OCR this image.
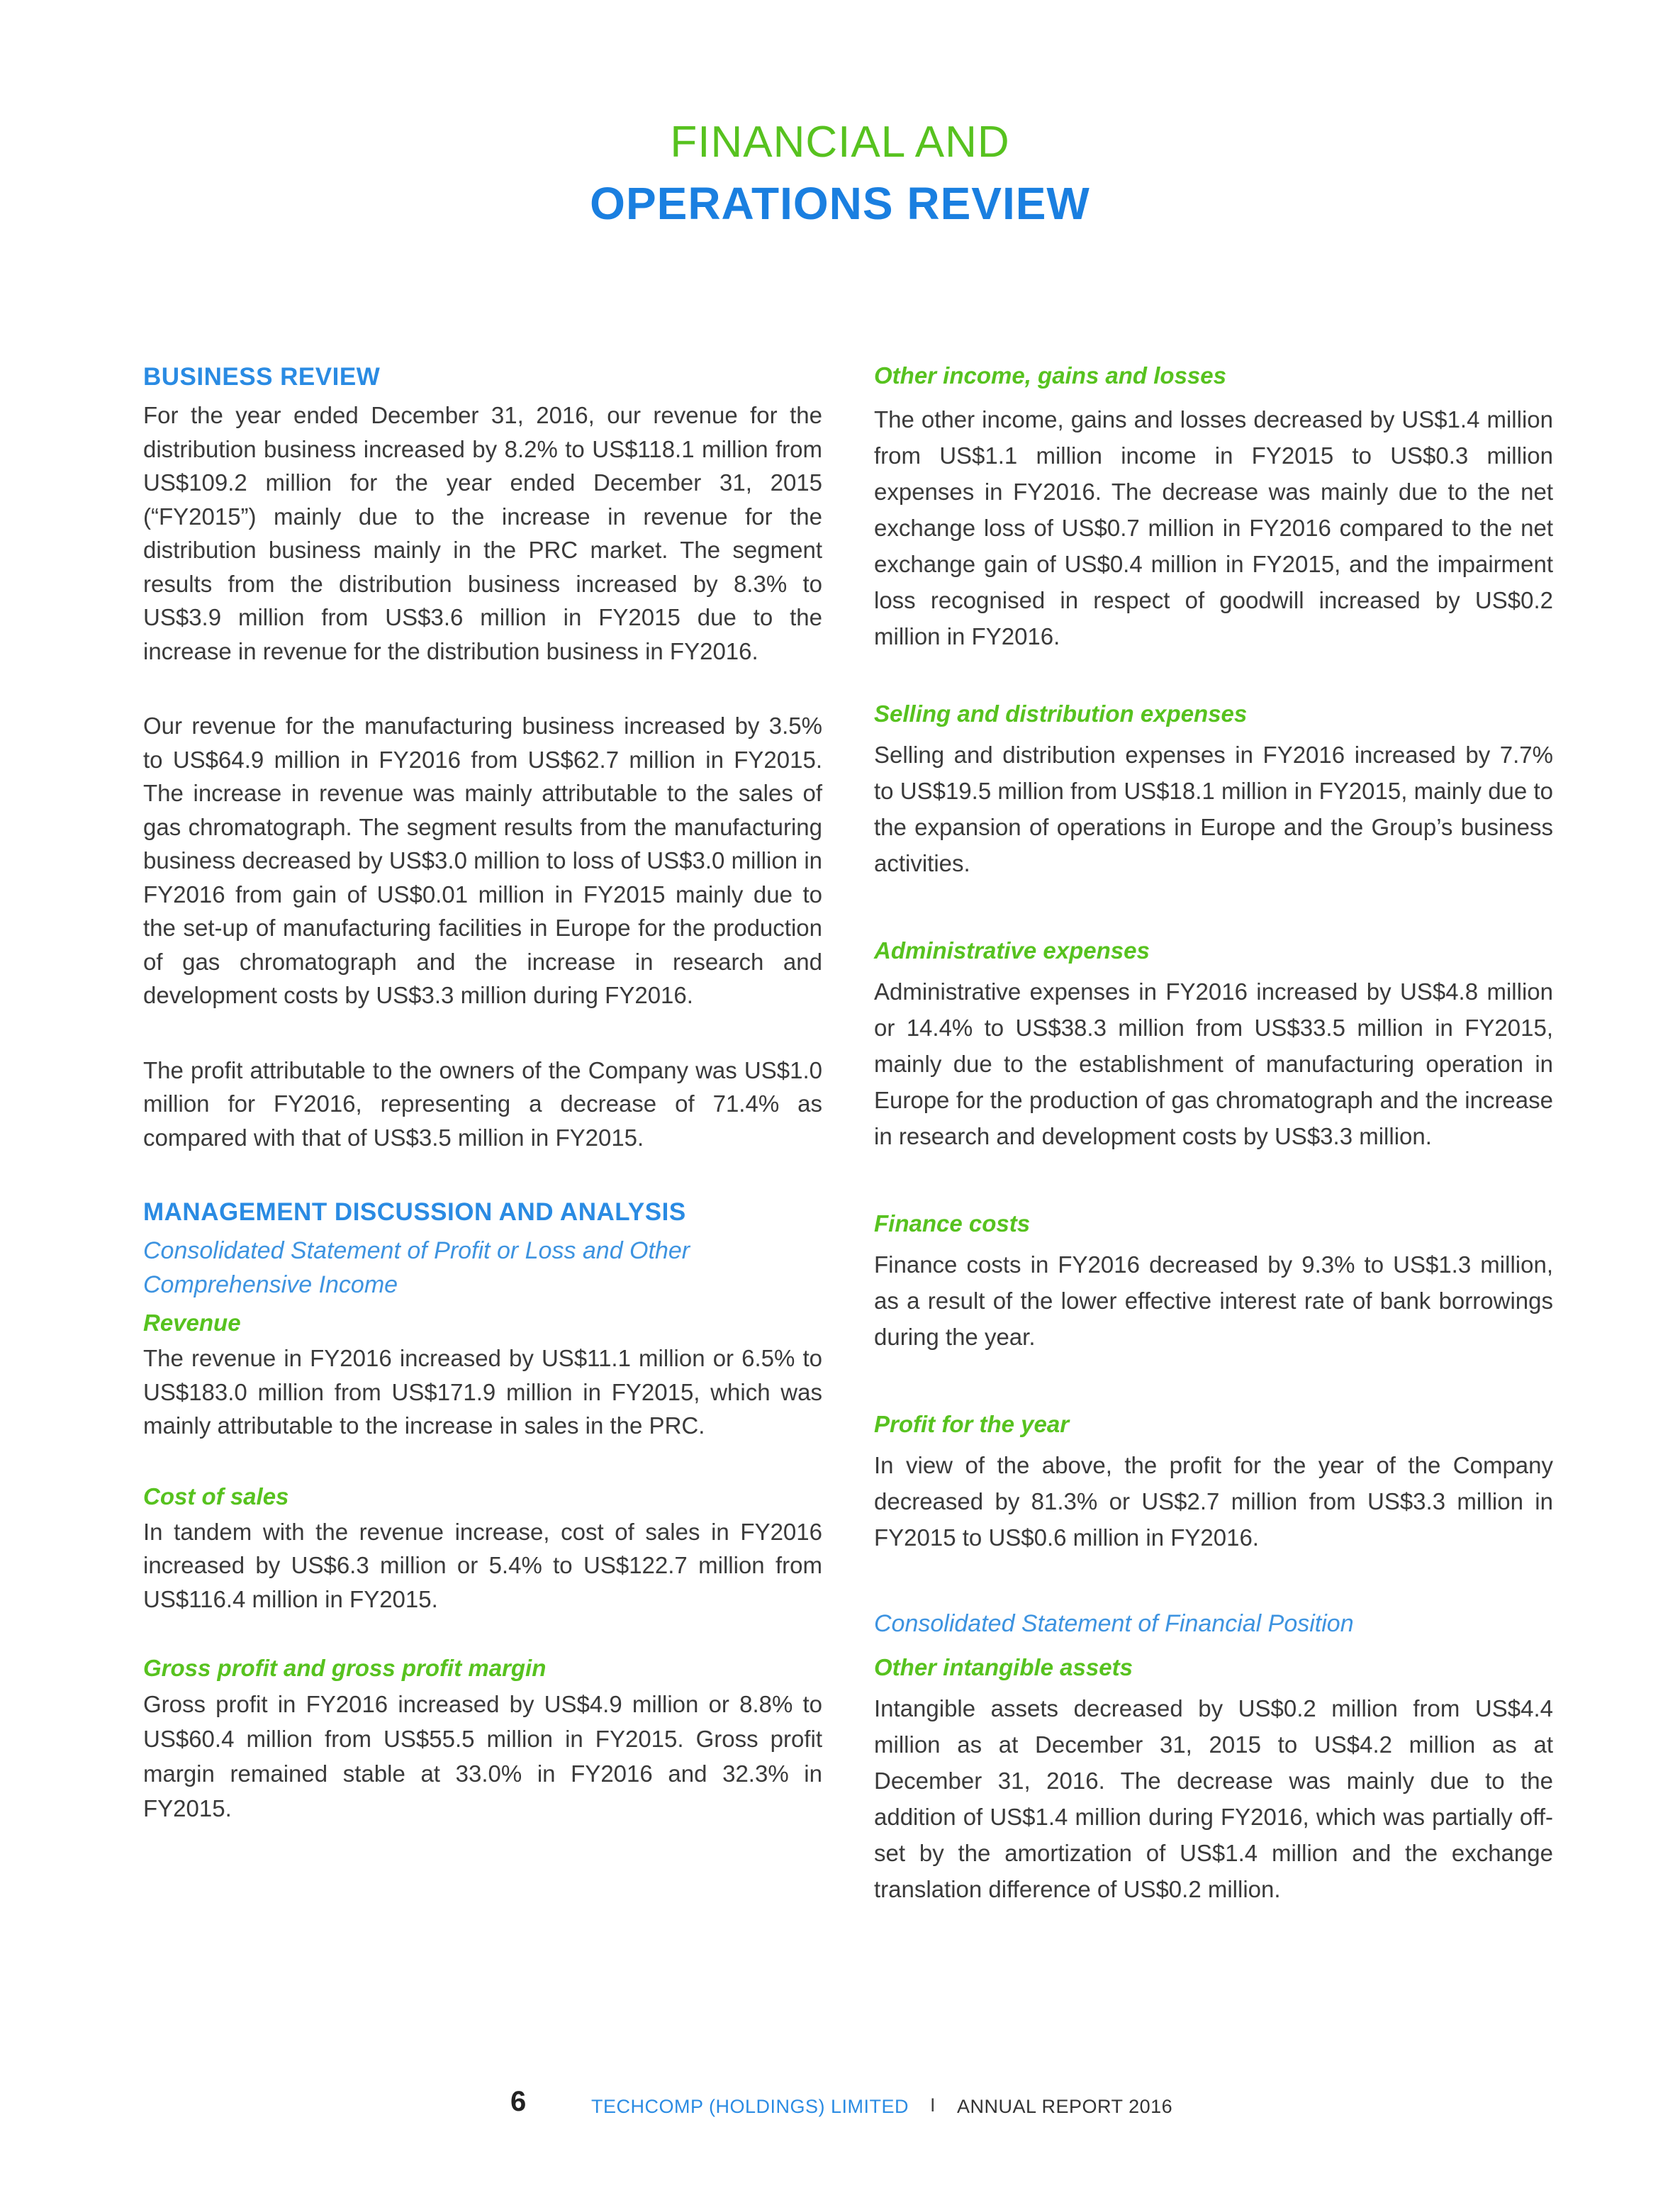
FINANCIAL AND
OPERATIONS REVIEW
BUSINESS REVIEW

For the year ended December 31, 2016, our revenue for the distribution business increased by 8.2% to US$118.1 million from US$109.2 million for the year ended December 31, 2015 (“FY2015”) mainly due to the increase in revenue for the distribution business mainly in the PRC market. The segment results from the distribution business increased by 8.3% to US$3.9 million from US$3.6 million in FY2015 due to the increase in revenue for the distribution business in FY2016.

Our revenue for the manufacturing business increased by 3.5% to US$64.9 million in FY2016 from US$62.7 million in FY2015. The increase in revenue was mainly attributable to the sales of gas chromatograph. The segment results from the manufacturing business decreased by US$3.0 million to loss of US$3.0 million in FY2016 from gain of US$0.01 million in FY2015 mainly due to the set-up of manufacturing facilities in Europe for the production of gas chromatograph and the increase in research and development costs by US$3.3 million during FY2016.

The profit attributable to the owners of the Company was US$1.0 million for FY2016, representing a decrease of 71.4% as compared with that of US$3.5 million in FY2015.

MANAGEMENT DISCUSSION AND ANALYSIS

Consolidated Statement of Profit or Loss and Other Comprehensive Income

Revenue

The revenue in FY2016 increased by US$11.1 million or 6.5% to US$183.0 million from US$171.9 million in FY2015, which was mainly attributable to the increase in sales in the PRC.

Cost of sales

In tandem with the revenue increase, cost of sales in FY2016 increased by US$6.3 million or 5.4% to US$122.7 million from US$116.4 million in FY2015.

Gross profit and gross profit margin

Gross profit in FY2016 increased by US$4.9 million or 8.8% to US$60.4 million from US$55.5 million in FY2015. Gross profit margin remained stable at 33.0% in FY2016 and 32.3% in FY2015.

Other income, gains and losses

The other income, gains and losses decreased by US$1.4 million from US$1.1 million income in FY2015 to US$0.3 million expenses in FY2016. The decrease was mainly due to the net exchange loss of US$0.7 million in FY2016 compared to the net exchange gain of US$0.4 million in FY2015, and the impairment loss recognised in respect of goodwill increased by US$0.2 million in FY2016.

Selling and distribution expenses

Selling and distribution expenses in FY2016 increased by 7.7% to US$19.5 million from US$18.1 million in FY2015, mainly due to the expansion of operations in Europe and the Group’s business activities.

Administrative expenses

Administrative expenses in FY2016 increased by US$4.8 million or 14.4% to US$38.3 million from US$33.5 million in FY2015, mainly due to the establishment of manufacturing operation in Europe for the production of gas chromatograph and the increase in research and development costs by US$3.3 million.

Finance costs

Finance costs in FY2016 decreased by 9.3% to US$1.3 million, as a result of the lower effective interest rate of bank borrowings during the year.

Profit for the year

In view of the above, the profit for the year of the Company decreased by 81.3% or US$2.7 million from US$3.3 million in FY2015 to US$0.6 million in FY2016.

Consolidated Statement of Financial Position

Other intangible assets

Intangible assets decreased by US$0.2 million from US$4.4 million as at December 31, 2015 to US$4.2 million as at December 31, 2016. The decrease was mainly due to the addition of US$1.4 million during FY2016, which was partially off-set by the amortization of US$1.4 million and the exchange translation difference of US$0.2 million.

6	TECHCOMP (HOLDINGS) LIMITED I ANNUAL REPORT 2016
